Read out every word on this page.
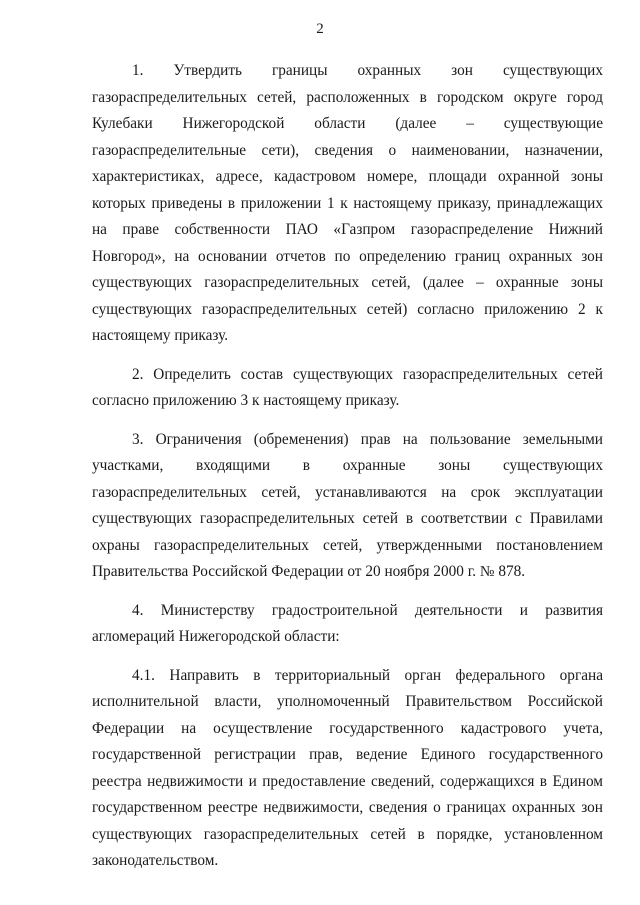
2

1. Утвердить границы охранных зон существующих газораспределительных сетей, расположенных в городском округе город Кулебаки Нижегородской области (далее – существующие газораспределительные сети), сведения о наименовании, назначении, характеристиках, адресе, кадастровом номере, площади охранной зоны которых приведены в приложении 1 к настоящему приказу, принадлежащих на праве собственности ПАО «Газпром газораспределение Нижний Новгород», на основании отчетов по определению границ охранных зон существующих газораспределительных сетей, (далее – охранные зоны существующих газораспределительных сетей) согласно приложению 2 к настоящему приказу.

2. Определить состав существующих газораспределительных сетей согласно приложению 3 к настоящему приказу.

3. Ограничения (обременения) прав на пользование земельными участками, входящими в охранные зоны существующих газораспределительных сетей, устанавливаются на срок эксплуатации существующих газораспределительных сетей в соответствии с Правилами охраны газораспределительных сетей, утвержденными постановлением Правительства Российской Федерации от 20 ноября 2000 г. № 878.

4. Министерству градостроительной деятельности и развития агломераций Нижегородской области:

4.1. Направить в территориальный орган федерального органа исполнительной власти, уполномоченный Правительством Российской Федерации на осуществление государственного кадастрового учета, государственной регистрации прав, ведение Единого государственного реестра недвижимости и предоставление сведений, содержащихся в Едином государственном реестре недвижимости, сведения о границах охранных зон существующих газораспределительных сетей в порядке, установленном законодательством.
